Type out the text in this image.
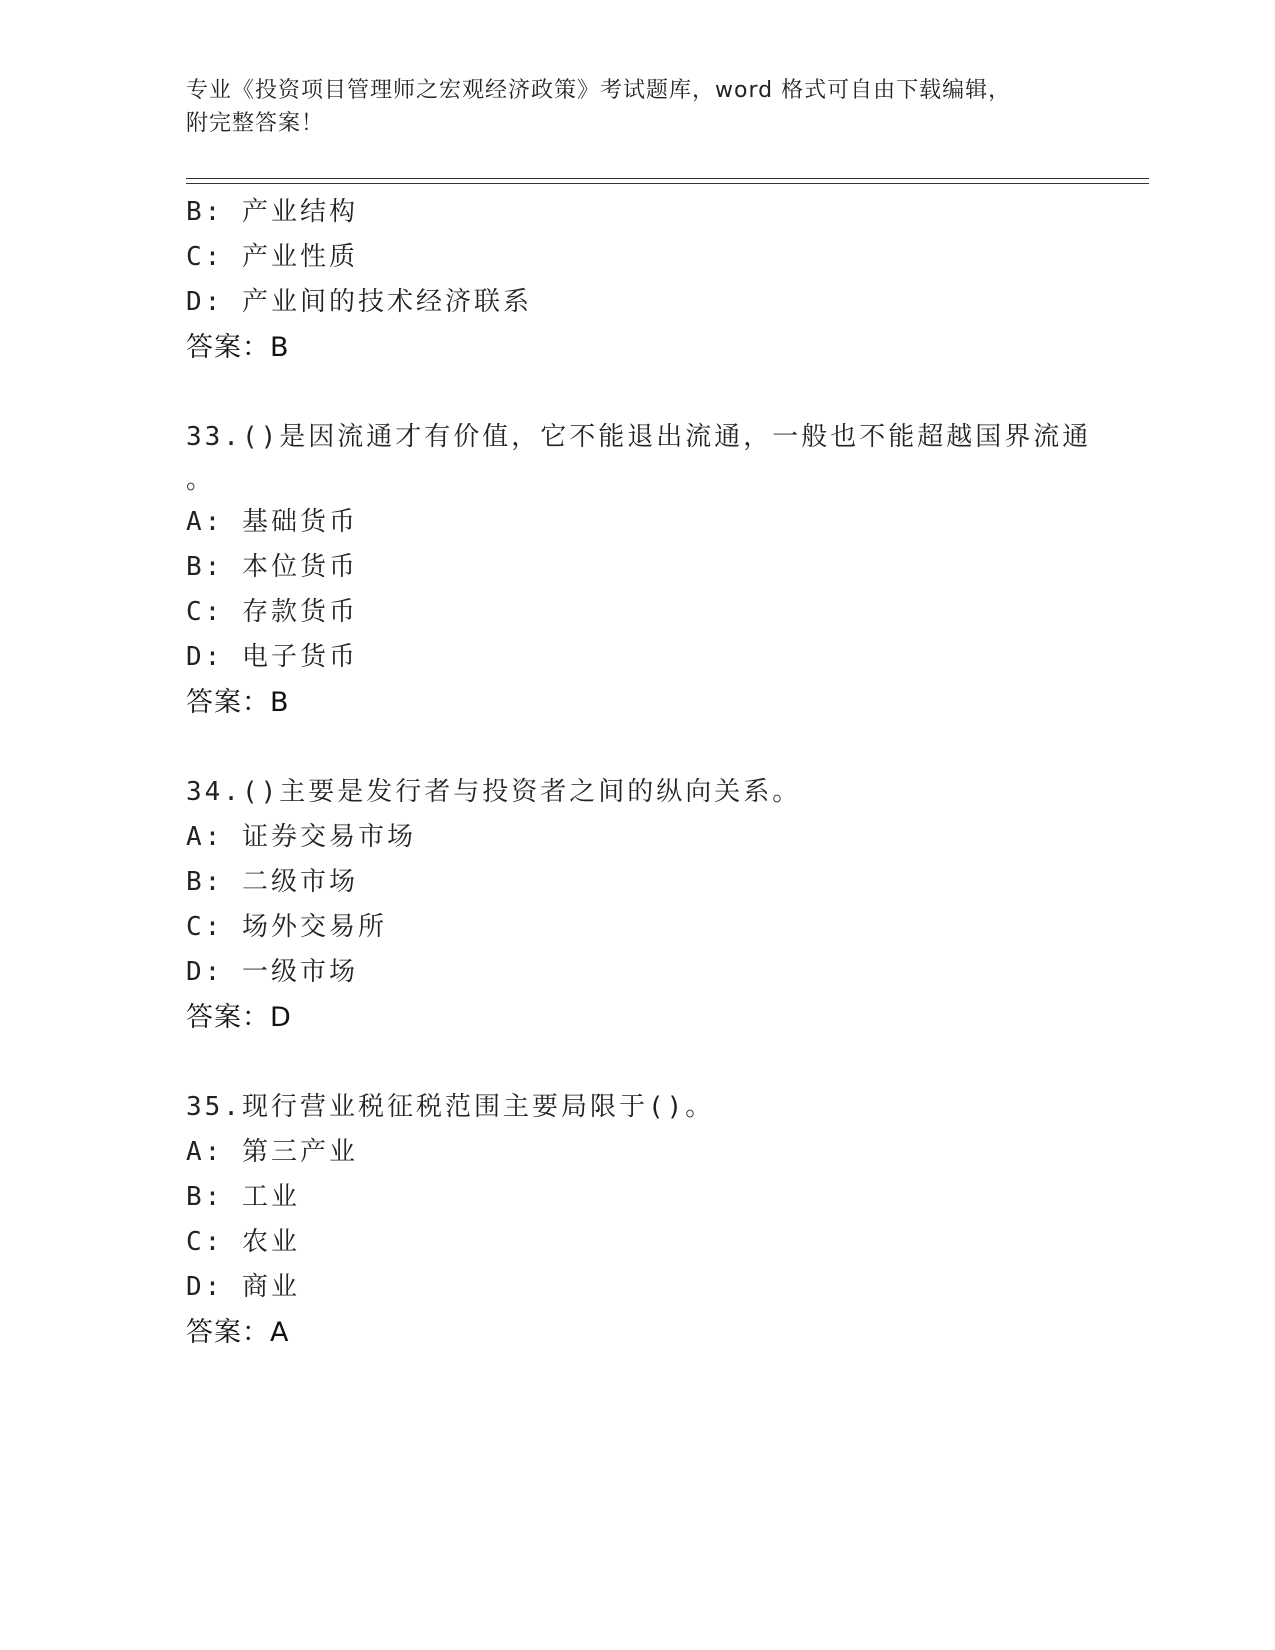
专业《投资项目管理师之宏观经济政策》考试题库，word 格式可自由下载编辑，
附完整答案！
B: 产业结构
C: 产业性质
D: 产业间的技术经济联系
答案：B
33.()是因流通才有价值，它不能退出流通，一般也不能超越国界流通
。
A: 基础货币
B: 本位货币
C: 存款货币
D: 电子货币
答案：B
34.()主要是发行者与投资者之间的纵向关系。
A: 证券交易市场
B: 二级市场
C: 场外交易所
D: 一级市场
答案：D
35.现行营业税征税范围主要局限于()。
A: 第三产业
B: 工业
C: 农业
D: 商业
答案：A
